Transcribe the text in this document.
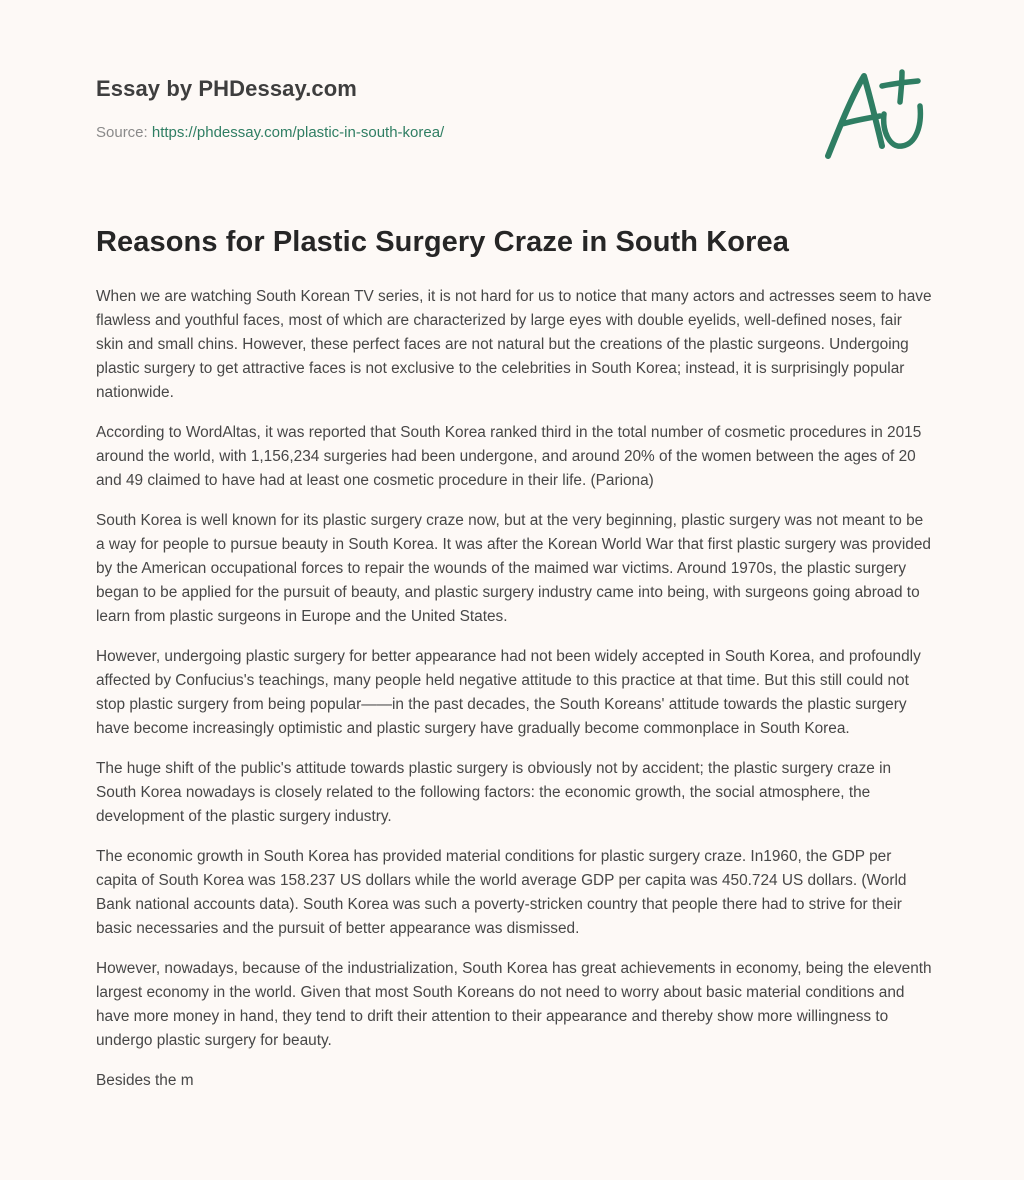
Essay by PHDessay.com
Source: https://phdessay.com/plastic-in-south-korea/
Reasons for Plastic Surgery Craze in South Korea

When we are watching South Korean TV series, it is not hard for us to notice that many actors and actresses seem to have flawless and youthful faces, most of which are characterized by large eyes with double eyelids, well-defined noses, fair skin and small chins. However, these perfect faces are not natural but the creations of the plastic surgeons. Undergoing plastic surgery to get attractive faces is not exclusive to the celebrities in South Korea; instead, it is surprisingly popular nationwide.

According to WordAltas, it was reported that South Korea ranked third in the total number of cosmetic procedures in 2015 around the world, with 1,156,234 surgeries had been undergone, and around 20% of the women between the ages of 20 and 49 claimed to have had at least one cosmetic procedure in their life. (Pariona)

South Korea is well known for its plastic surgery craze now, but at the very beginning, plastic surgery was not meant to be a way for people to pursue beauty in South Korea. It was after the Korean World War that first plastic surgery was provided by the American occupational forces to repair the wounds of the maimed war victims. Around 1970s, the plastic surgery began to be applied for the pursuit of beauty, and plastic surgery industry came into being, with surgeons going abroad to learn from plastic surgeons in Europe and the United States.

However, undergoing plastic surgery for better appearance had not been widely accepted in South Korea, and profoundly affected by Confucius's teachings, many people held negative attitude to this practice at that time. But this still could not stop plastic surgery from being popular——in the past decades, the South Koreans' attitude towards the plastic surgery have become increasingly optimistic and plastic surgery have gradually become commonplace in South Korea.

The huge shift of the public's attitude towards plastic surgery is obviously not by accident; the plastic surgery craze in South Korea nowadays is closely related to the following factors: the economic growth, the social atmosphere, the development of the plastic surgery industry.

The economic growth in South Korea has provided material conditions for plastic surgery craze. In1960, the GDP per capita of South Korea was 158.237 US dollars while the world average GDP per capita was 450.724 US dollars. (World Bank national accounts data). South Korea was such a poverty-stricken country that people there had to strive for their basic necessaries and the pursuit of better appearance was dismissed.

However, nowadays, because of the industrialization, South Korea has great achievements in economy, being the eleventh largest economy in the world. Given that most South Koreans do not need to worry about basic material conditions and have more money in hand, they tend to drift their attention to their appearance and thereby show more willingness to undergo plastic surgery for beauty.

Besides the m
